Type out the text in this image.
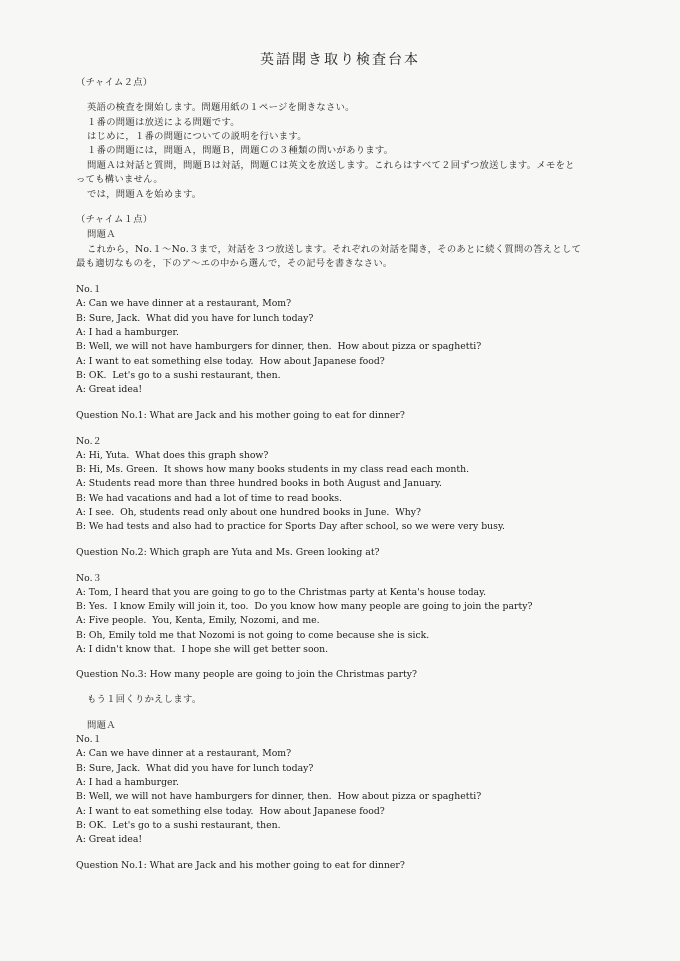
英語聞き取り検査台本
（チャイム２点）
英語の検査を開始します。問題用紙の１ページを開きなさい。
１番の問題は放送による問題です。
はじめに，１番の問題についての説明を行います。
１番の問題には，問題Ａ，問題Ｂ，問題Ｃの３種類の問いがあります。
問題Ａは対話と質問，問題Ｂは対話，問題Ｃは英文を放送します。これらはすべて２回ずつ放送します。メモをと
っても構いません。
では，問題Ａを始めます。
（チャイム１点）
問題Ａ
これから，No.１～No.３まで，対話を３つ放送します。それぞれの対話を聞き，そのあとに続く質問の答えとして
最も適切なものを，下のア～エの中から選んで，その記号を書きなさい。
No.１
A: Can we have dinner at a restaurant, Mom?
B: Sure, Jack.  What did you have for lunch today?
A: I had a hamburger.
B: Well, we will not have hamburgers for dinner, then.  How about pizza or spaghetti?
A: I want to eat something else today.  How about Japanese food?
B: OK.  Let's go to a sushi restaurant, then.
A: Great idea!
Question No.1: What are Jack and his mother going to eat for dinner?
No.２
A: Hi, Yuta.  What does this graph show?
B: Hi, Ms. Green.  It shows how many books students in my class read each month.
A: Students read more than three hundred books in both August and January.
B: We had vacations and had a lot of time to read books.
A: I see.  Oh, students read only about one hundred books in June.  Why?
B: We had tests and also had to practice for Sports Day after school, so we were very busy.
Question No.2: Which graph are Yuta and Ms. Green looking at?
No.３
A: Tom, I heard that you are going to go to the Christmas party at Kenta's house today.
B: Yes.  I know Emily will join it, too.  Do you know how many people are going to join the party?
A: Five people.  You, Kenta, Emily, Nozomi, and me.
B: Oh, Emily told me that Nozomi is not going to come because she is sick.
A: I didn't know that.  I hope she will get better soon.
Question No.3: How many people are going to join the Christmas party?
もう１回くりかえします。
問題Ａ
No.１
A: Can we have dinner at a restaurant, Mom?
B: Sure, Jack.  What did you have for lunch today?
A: I had a hamburger.
B: Well, we will not have hamburgers for dinner, then.  How about pizza or spaghetti?
A: I want to eat something else today.  How about Japanese food?
B: OK.  Let's go to a sushi restaurant, then.
A: Great idea!
Question No.1: What are Jack and his mother going to eat for dinner?
